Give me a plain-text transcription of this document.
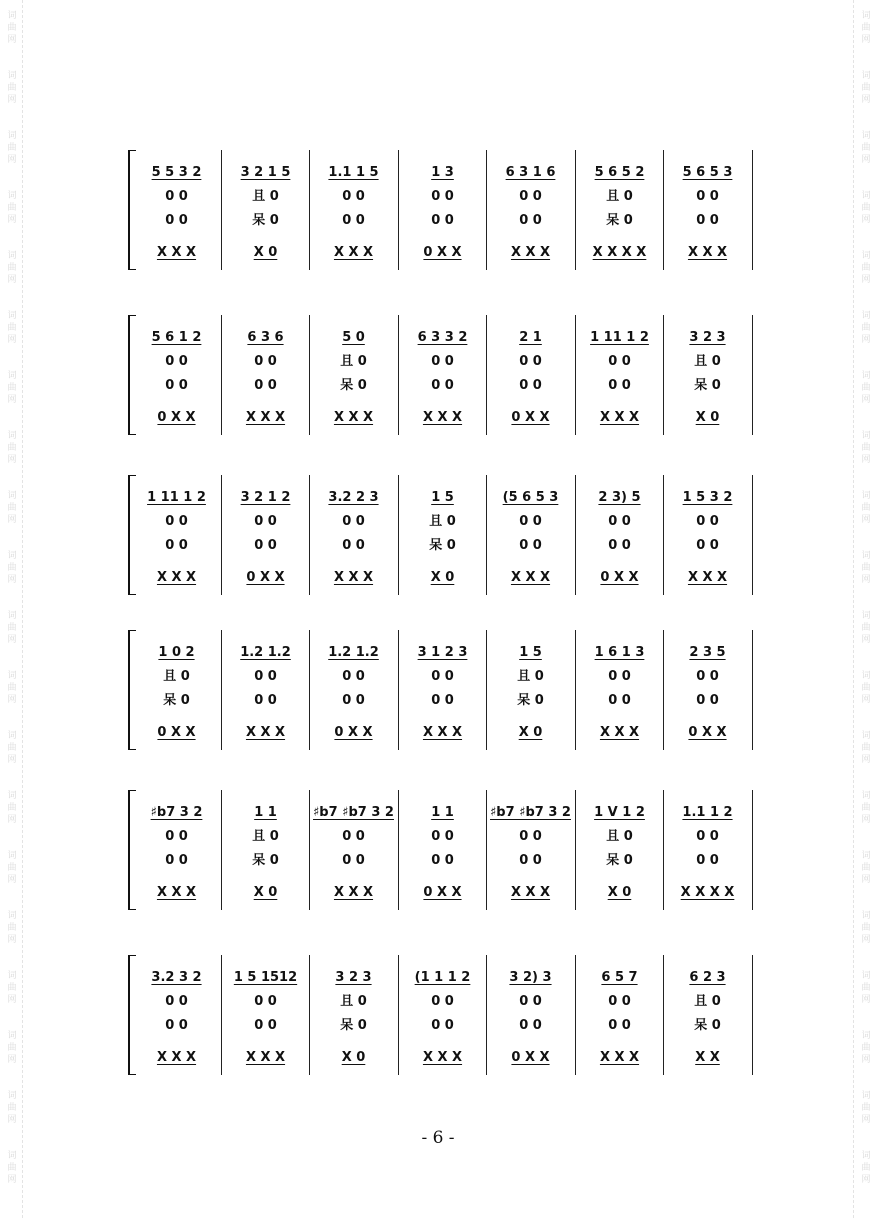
词
曲
网
词
曲
网
词
曲
网
词
曲
网
词
曲
网
词
曲
网
词
曲
网
词
曲
网
词
曲
网
词
曲
网
词
曲
网
词
曲
网
词
曲
网
词
曲
网
词
曲
网
词
曲
网
词
曲
网
词
曲
网
词
曲
网
词
曲
网
词
曲
网
词
曲
网
词
曲
网
词
曲
网
词
曲
网
词
曲
网
词
曲
网
词
曲
网
词
曲
网
词
曲
网
词
曲
网
词
曲
网
词
曲
网
词
曲
网
词
曲
网
词
曲
网
词
曲
网
词
曲
网
词
曲
网
词
曲
网
5 5 3 2	3 2 1 5	1.1 1 5	1 3	6 3 1 6	5 6 5 2	5 6 5 3
0 0	且 0	0 0	0 0	0 0	且 0	0 0
0 0	呆 0	0 0	0 0	0 0	呆 0	0 0
X X X	X 0	X X X	0 X X	X X X	X X X X	X X X
5 6 1 2	6 3 6	5 0	6 3 3 2	2 1	1 11 1 2	3 2 3
0 0	0 0	且 0	0 0	0 0	0 0	且 0
0 0	0 0	呆 0	0 0	0 0	0 0	呆 0
0 X X	X X X	X X X	X X X	0 X X	X X X	X 0
1 11 1 2	3 2 1 2	3.2 2 3	1 5	(5 6 5 3	2 3) 5	1 5 3 2
0 0	0 0	0 0	且 0	0 0	0 0	0 0
0 0	0 0	0 0	呆 0	0 0	0 0	0 0
X X X	0 X X	X X X	X 0	X X X	0 X X	X X X
1 0 2	1.2 1.2	1.2 1.2	3 1 2 3	1 5	1 6 1 3	2 3 5
且 0	0 0	0 0	0 0	且 0	0 0	0 0
呆 0	0 0	0 0	0 0	呆 0	0 0	0 0
0 X X	X X X	0 X X	X X X	X 0	X X X	0 X X
♯b7 3 2	1 1	♯b7 ♯b7 3 2	1 1	♯b7 ♯b7 3 2	1 V 1 2	1.1 1 2
0 0	且 0	0 0	0 0	0 0	且 0	0 0
0 0	呆 0	0 0	0 0	0 0	呆 0	0 0
X X X	X 0	X X X	0 X X	X X X	X 0	X X X X
3.2 3 2	1 5 1512	3 2 3	(1 1 1 2	3 2) 3	6 5 7	6 2 3
0 0	0 0	且 0	0 0	0 0	0 0	且 0
0 0	0 0	呆 0	0 0	0 0	0 0	呆 0
X X X	X X X	X 0	X X X	0 X X	X X X	X X
- 6 -
